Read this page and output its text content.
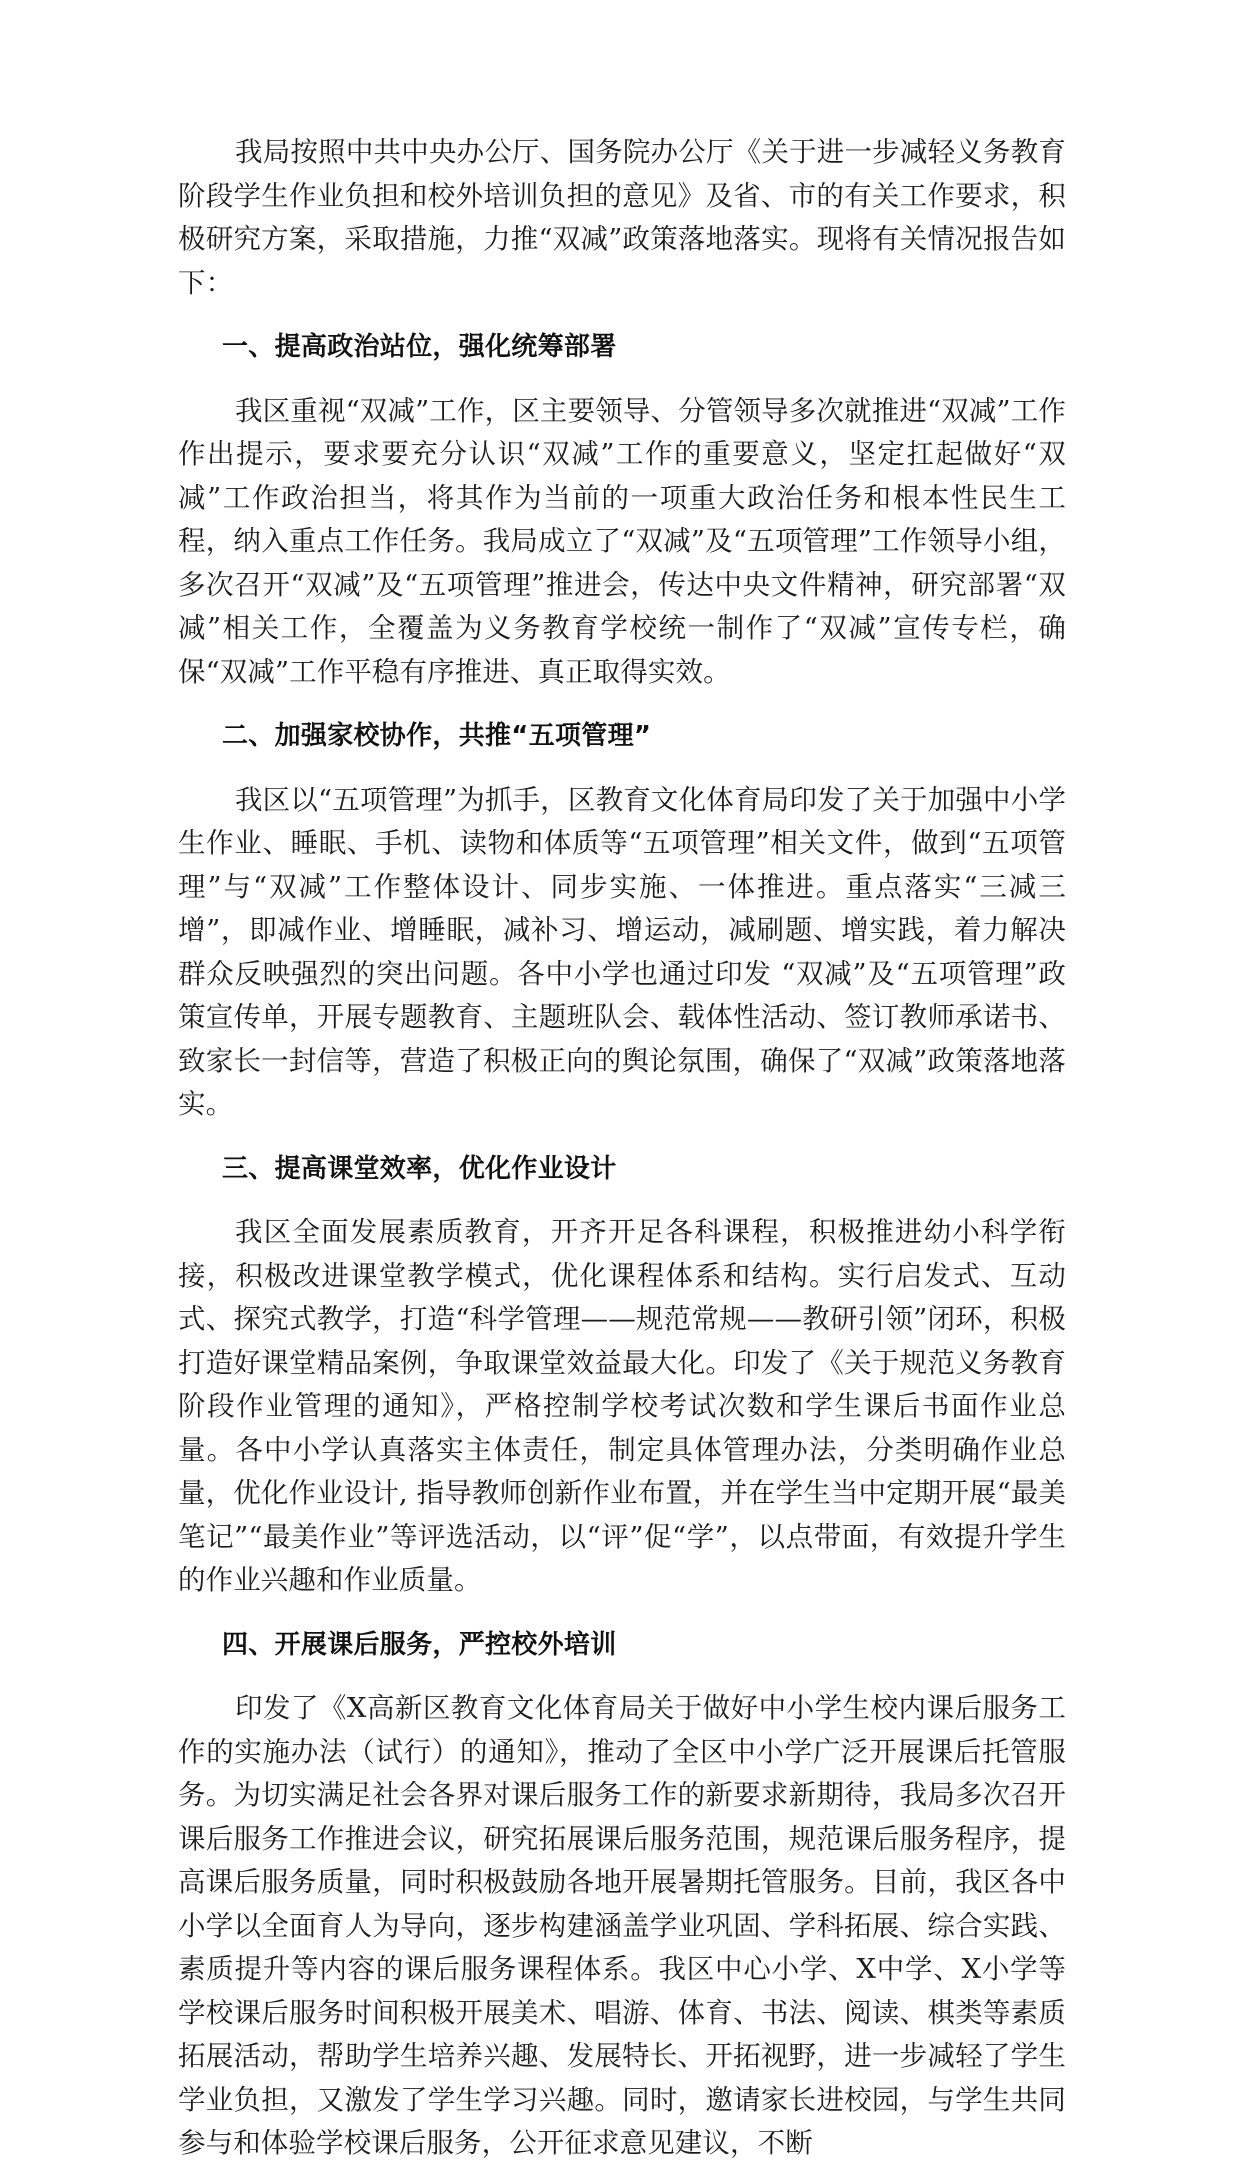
我局按照中共中央办公厅、国务院办公厅《关于进一步减轻义务教育阶段学生作业负担和校外培训负担的意见》及省、市的有关工作要求，积极研究方案，采取措施，力推“双减”政策落地落实。现将有关情况报告如下：

一、提高政治站位，强化统筹部署

我区重视“双减”工作，区主要领导、分管领导多次就推进“双减”工作作出提示，要求要充分认识“双减”工作的重要意义，坚定扛起做好“双减”工作政治担当，将其作为当前的一项重大政治任务和根本性民生工程，纳入重点工作任务。我局成立了“双减”及“五项管理”工作领导小组，多次召开“双减”及“五项管理”推进会，传达中央文件精神，研究部署“双减”相关工作，全覆盖为义务教育学校统一制作了“双减”宣传专栏，确保“双减”工作平稳有序推进、真正取得实效。

二、加强家校协作，共推“五项管理”

我区以“五项管理”为抓手，区教育文化体育局印发了关于加强中小学生作业、睡眠、手机、读物和体质等“五项管理”相关文件，做到“五项管理”与“双减”工作整体设计、同步实施、一体推进。重点落实“三减三增”，即减作业、增睡眠，减补习、增运动，减刷题、增实践，着力解决群众反映强烈的突出问题。各中小学也通过印发 “双减”及“五项管理”政策宣传单，开展专题教育、主题班队会、载体性活动、签订教师承诺书、致家长一封信等，营造了积极正向的舆论氛围，确保了“双减”政策落地落实。

三、提高课堂效率，优化作业设计

我区全面发展素质教育，开齐开足各科课程，积极推进幼小科学衔接，积极改进课堂教学模式，优化课程体系和结构。实行启发式、互动式、探究式教学，打造“科学管理——规范常规——教研引领”闭环，积极打造好课堂精品案例，争取课堂效益最大化。印发了《关于规范义务教育阶段作业管理的通知》，严格控制学校考试次数和学生课后书面作业总量。各中小学认真落实主体责任，制定具体管理办法，分类明确作业总量，优化作业设计, 指导教师创新作业布置，并在学生当中定期开展“最美笔记”“最美作业”等评选活动，以“评”促“学”，以点带面，有效提升学生的作业兴趣和作业质量。

四、开展课后服务，严控校外培训

印发了《X高新区教育文化体育局关于做好中小学生校内课后服务工作的实施办法（试行）的通知》，推动了全区中小学广泛开展课后托管服务。为切实满足社会各界对课后服务工作的新要求新期待，我局多次召开课后服务工作推进会议，研究拓展课后服务范围，规范课后服务程序，提高课后服务质量，同时积极鼓励各地开展暑期托管服务。目前，我区各中小学以全面育人为导向，逐步构建涵盖学业巩固、学科拓展、综合实践、素质提升等内容的课后服务课程体系。我区中心小学、X中学、X小学等学校课后服务时间积极开展美术、唱游、体育、书法、阅读、棋类等素质拓展活动，帮助学生培养兴趣、发展特长、开拓视野，进一步减轻了学生学业负担，又激发了学生学习兴趣。同时，邀请家长进校园，与学生共同参与和体验学校课后服务，公开征求意见建议，不断
